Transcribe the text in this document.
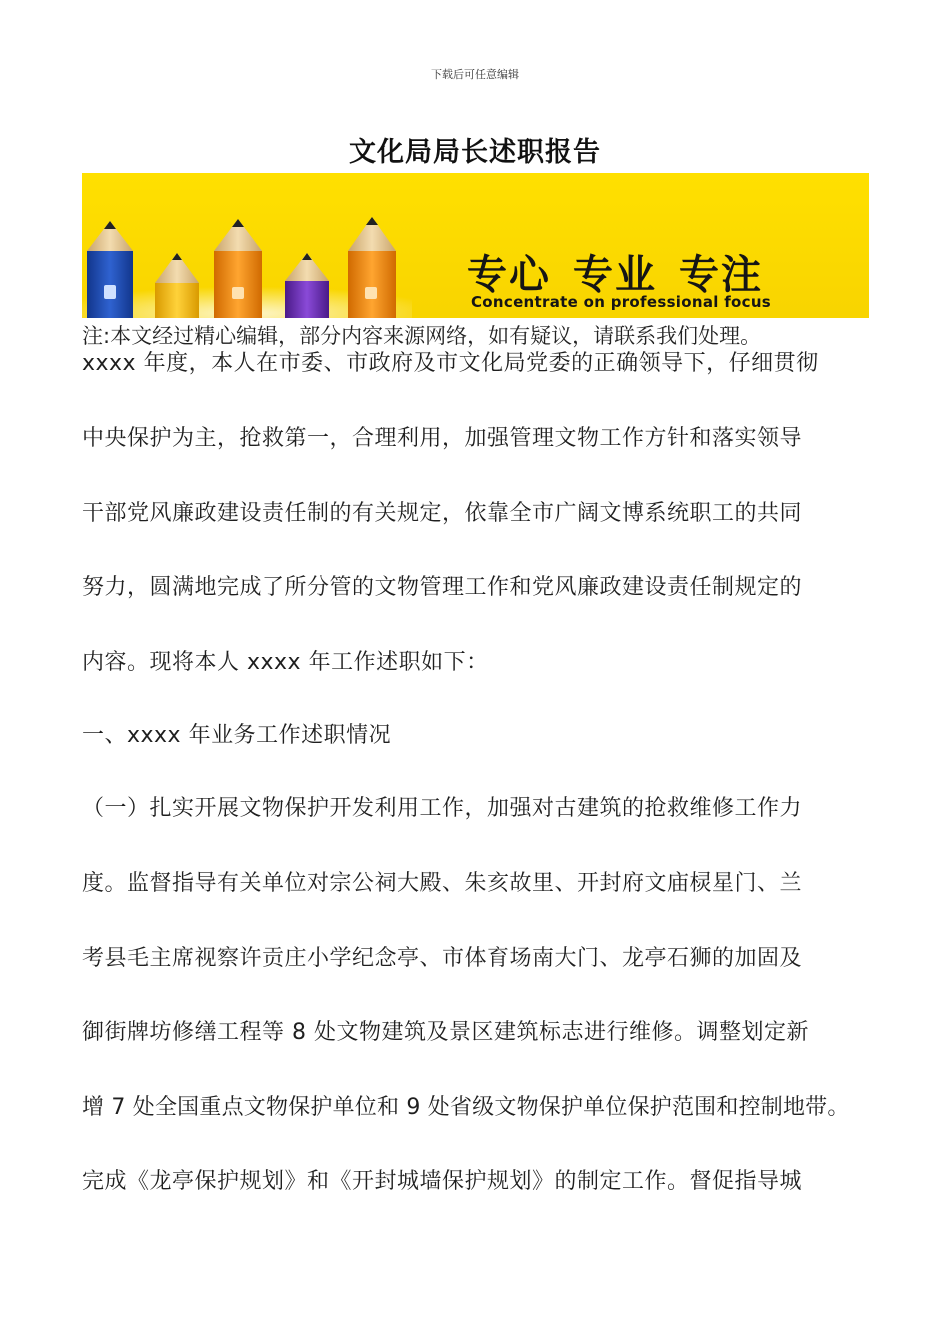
下载后可任意编辑
文化局局长述职报告
专心 专业 专注
Concentrate on professional focus
注:本文经过精心编辑，部分内容来源网络，如有疑议，请联系我们处理。
xxxx 年度，本人在市委、市政府及市文化局党委的正确领导下，仔细贯彻
中央保护为主，抢救第一，合理利用，加强管理文物工作方针和落实领导
干部党风廉政建设责任制的有关规定，依靠全市广阔文博系统职工的共同
努力，圆满地完成了所分管的文物管理工作和党风廉政建设责任制规定的
内容。现将本人 xxxx 年工作述职如下：
一、xxxx 年业务工作述职情况
（一）扎实开展文物保护开发利用工作，加强对古建筑的抢救维修工作力
度。监督指导有关单位对宗公祠大殿、朱亥故里、开封府文庙棂星门、兰
考县毛主席视察许贡庄小学纪念亭、市体育场南大门、龙亭石狮的加固及
御街牌坊修缮工程等 8 处文物建筑及景区建筑标志进行维修。调整划定新
增 7 处全国重点文物保护单位和 9 处省级文物保护单位保护范围和控制地带。
完成《龙亭保护规划》和《开封城墙保护规划》的制定工作。督促指导城
